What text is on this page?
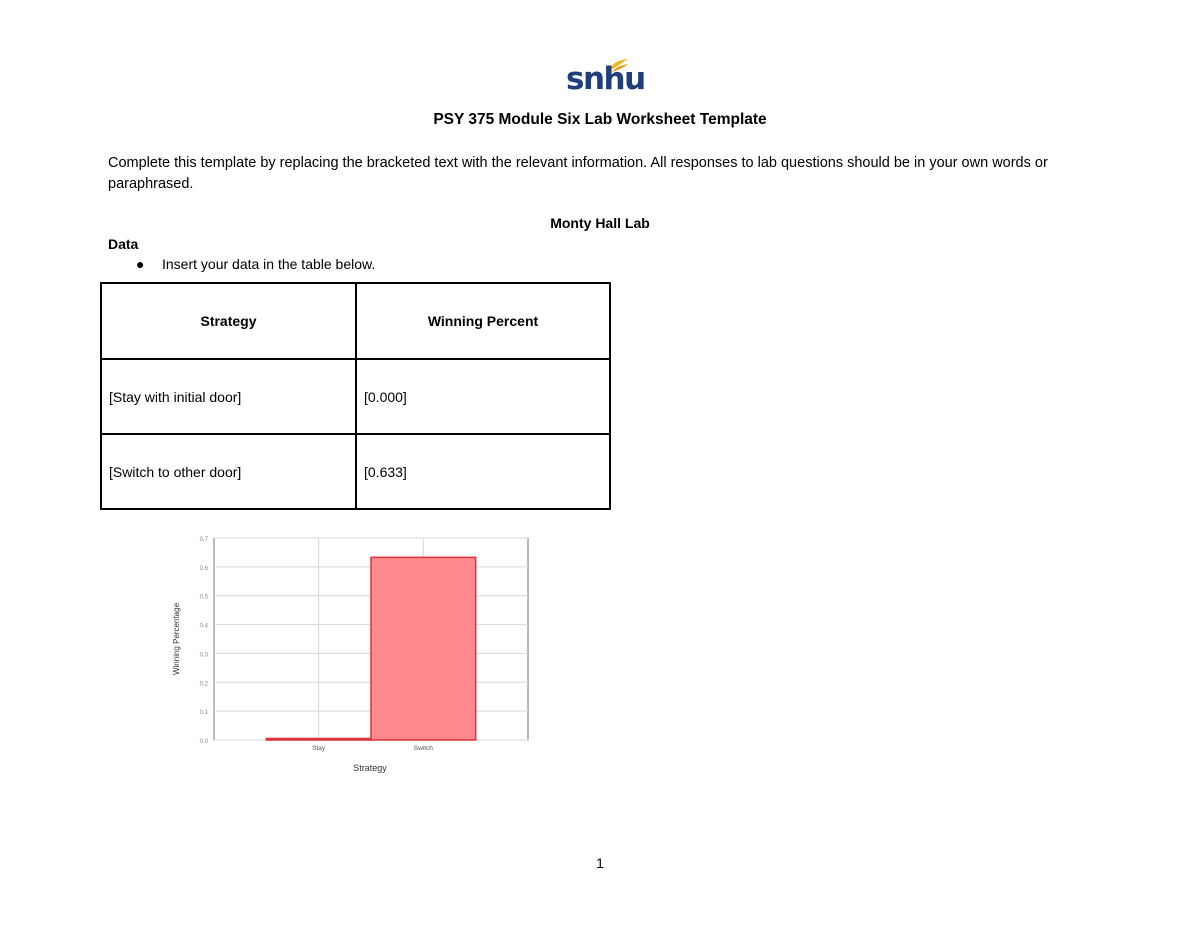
snhu
PSY 375 Module Six Lab Worksheet Template
Complete this template by replacing the bracketed text with the relevant information. All responses to lab questions should be in your own words or paraphrased.
Monty Hall Lab
Data
● Insert your data in the table below.
Strategy	Winning Percent
[Stay with initial door]	[0.000]
[Switch to other door]	[0.633]
0.0
0.1
0.2
0.3
0.4
0.5
0.6
0.7
Stay	Switch
Winning Percentage
Strategy
1
